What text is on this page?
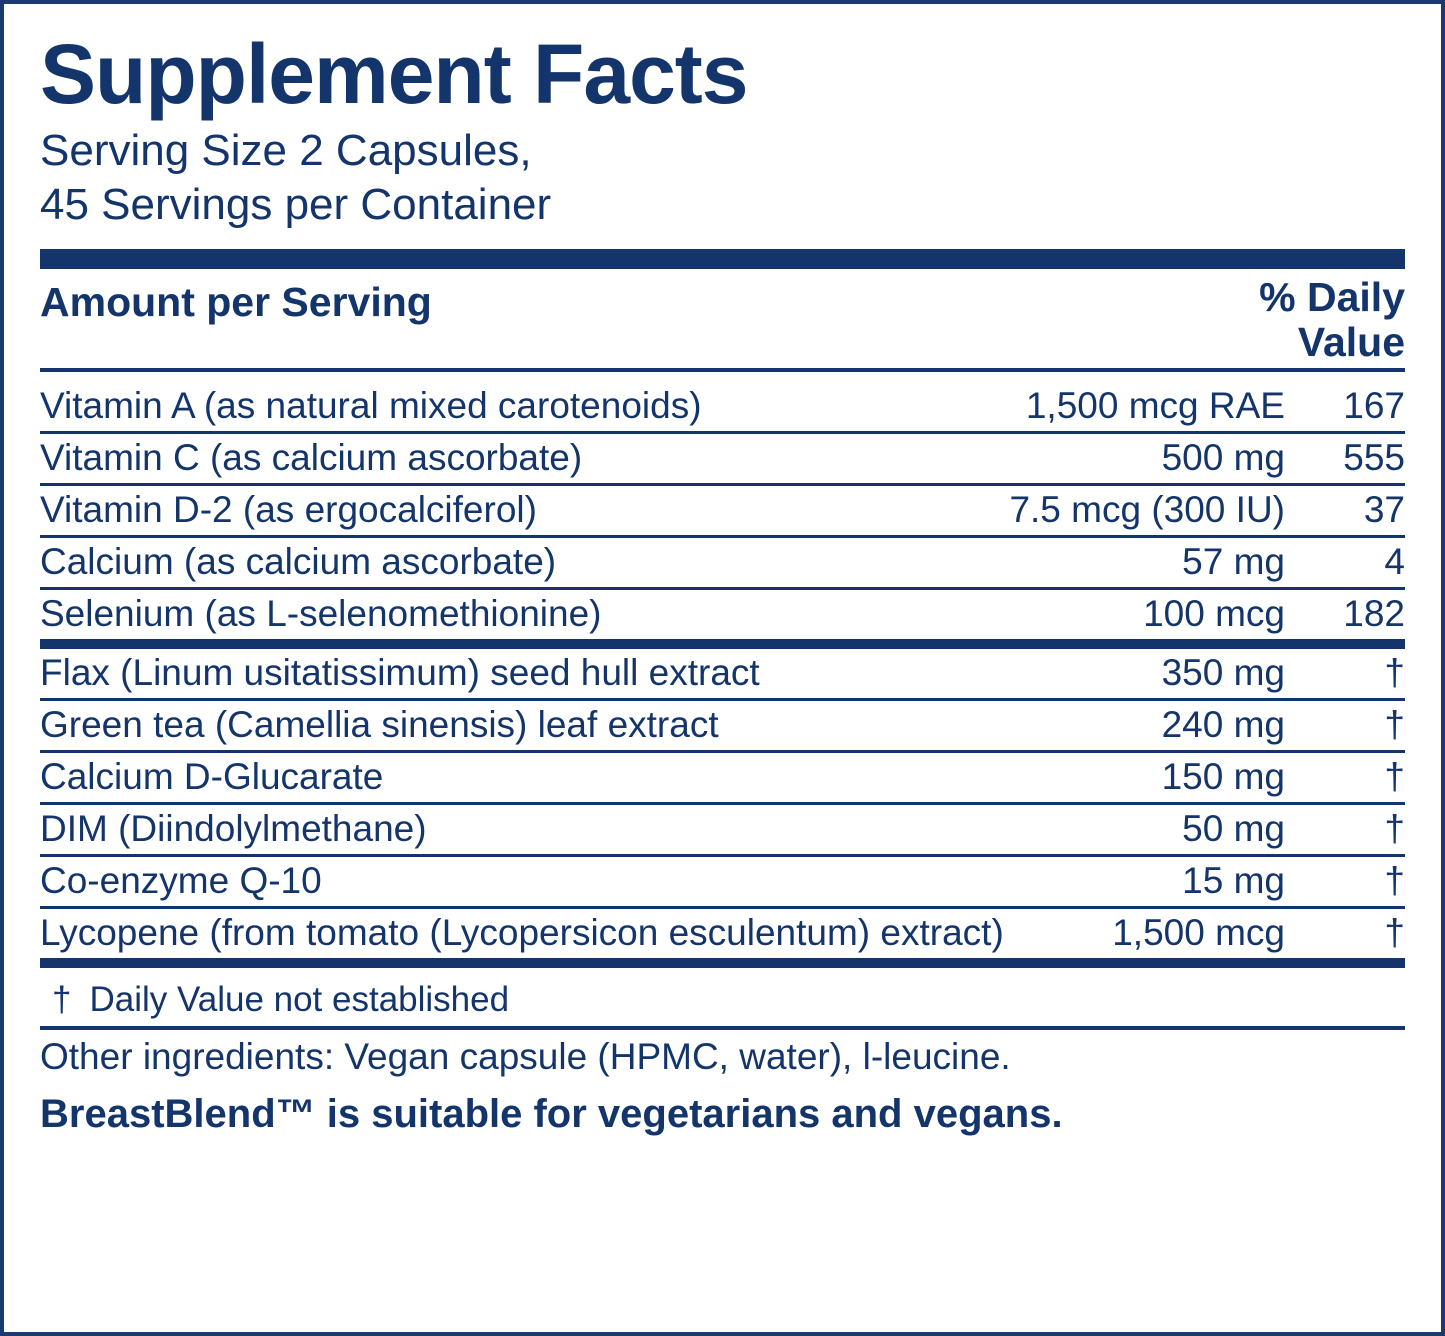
Supplement Facts
Serving Size 2 Capsules,
45 Servings per Container
Amount per Serving	% Daily
Value
Vitamin A (as natural mixed carotenoids)	1,500 mcg RAE	167
Vitamin C (as calcium ascorbate)	500 mg	555
Vitamin D-2 (as ergocalciferol)	7.5 mcg (300 IU)	37
Calcium (as calcium ascorbate)	57 mg	4
Selenium (as L-selenomethionine)	100 mcg	182
Flax (Linum usitatissimum) seed hull extract	350 mg	†
Green tea (Camellia sinensis) leaf extract	240 mg	†
Calcium D-Glucarate	150 mg	†
DIM (Diindolylmethane)	50 mg	†
Co-enzyme Q-10	15 mg	†
Lycopene (from tomato (Lycopersicon esculentum) extract)	1,500 mcg	†
† Daily Value not established
Other ingredients: Vegan capsule (HPMC, water), l-leucine.
BreastBlend™ is suitable for vegetarians and vegans.
